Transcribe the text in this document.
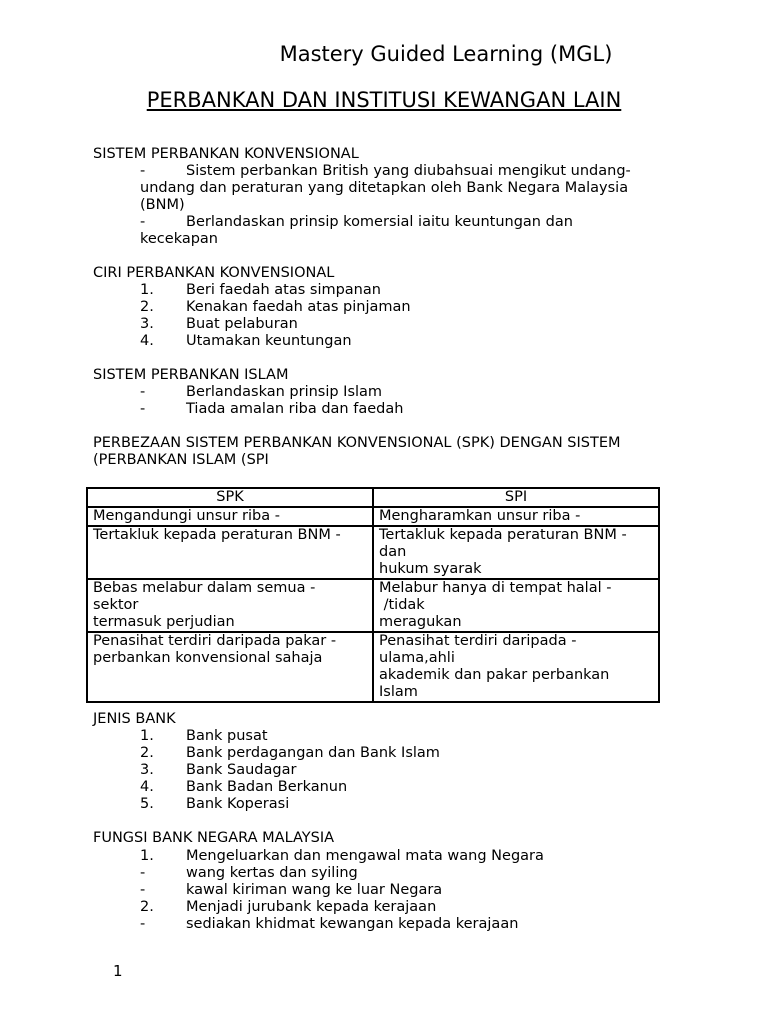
Mastery Guided Learning (MGL)
PERBANKAN DAN INSTITUSI KEWANGAN LAIN
SISTEM PERBANKAN KONVENSIONAL
-	Sistem perbankan British yang diubahsuai mengikut undang-
undang dan peraturan yang ditetapkan oleh Bank Negara Malaysia
(BNM)
-	Berlandaskan prinsip komersial iaitu keuntungan dan
kecekapan
CIRI PERBANKAN KONVENSIONAL
1. Beri faedah atas simpanan
2. Kenakan faedah atas pinjaman
3. Buat pelaburan
4. Utamakan keuntungan
SISTEM PERBANKAN ISLAM
-	Berlandaskan prinsip Islam
-	Tiada amalan riba dan faedah
PERBEZAAN SISTEM PERBANKAN KONVENSIONAL (SPK) DENGAN SISTEM
(PERBANKAN ISLAM (SPI
SPK	SPI

Mengandungi unsur riba -	Mengharamkan unsur riba -

Tertakluk kepada peraturan BNM -	Tertakluk kepada peraturan BNM -
dan
hukum syarak

Bebas melabur dalam semua -
sektor
termasuk perjudian	Melabur hanya di tempat halal -
/tidak
meragukan

Penasihat terdiri daripada pakar -
perbankan konvensional sahaja	Penasihat terdiri daripada -
ulama,ahli
akademik dan pakar perbankan
Islam
JENIS BANK
1. Bank pusat
2. Bank perdagangan dan Bank Islam
3. Bank Saudagar
4. Bank Badan Berkanun
5. Bank Koperasi
FUNGSI BANK NEGARA MALAYSIA
1. Mengeluarkan dan mengawal mata wang Negara
-	wang kertas dan syiling
-	kawal kiriman wang ke luar Negara
2. Menjadi jurubank kepada kerajaan
-	sediakan khidmat kewangan kepada kerajaan
1
